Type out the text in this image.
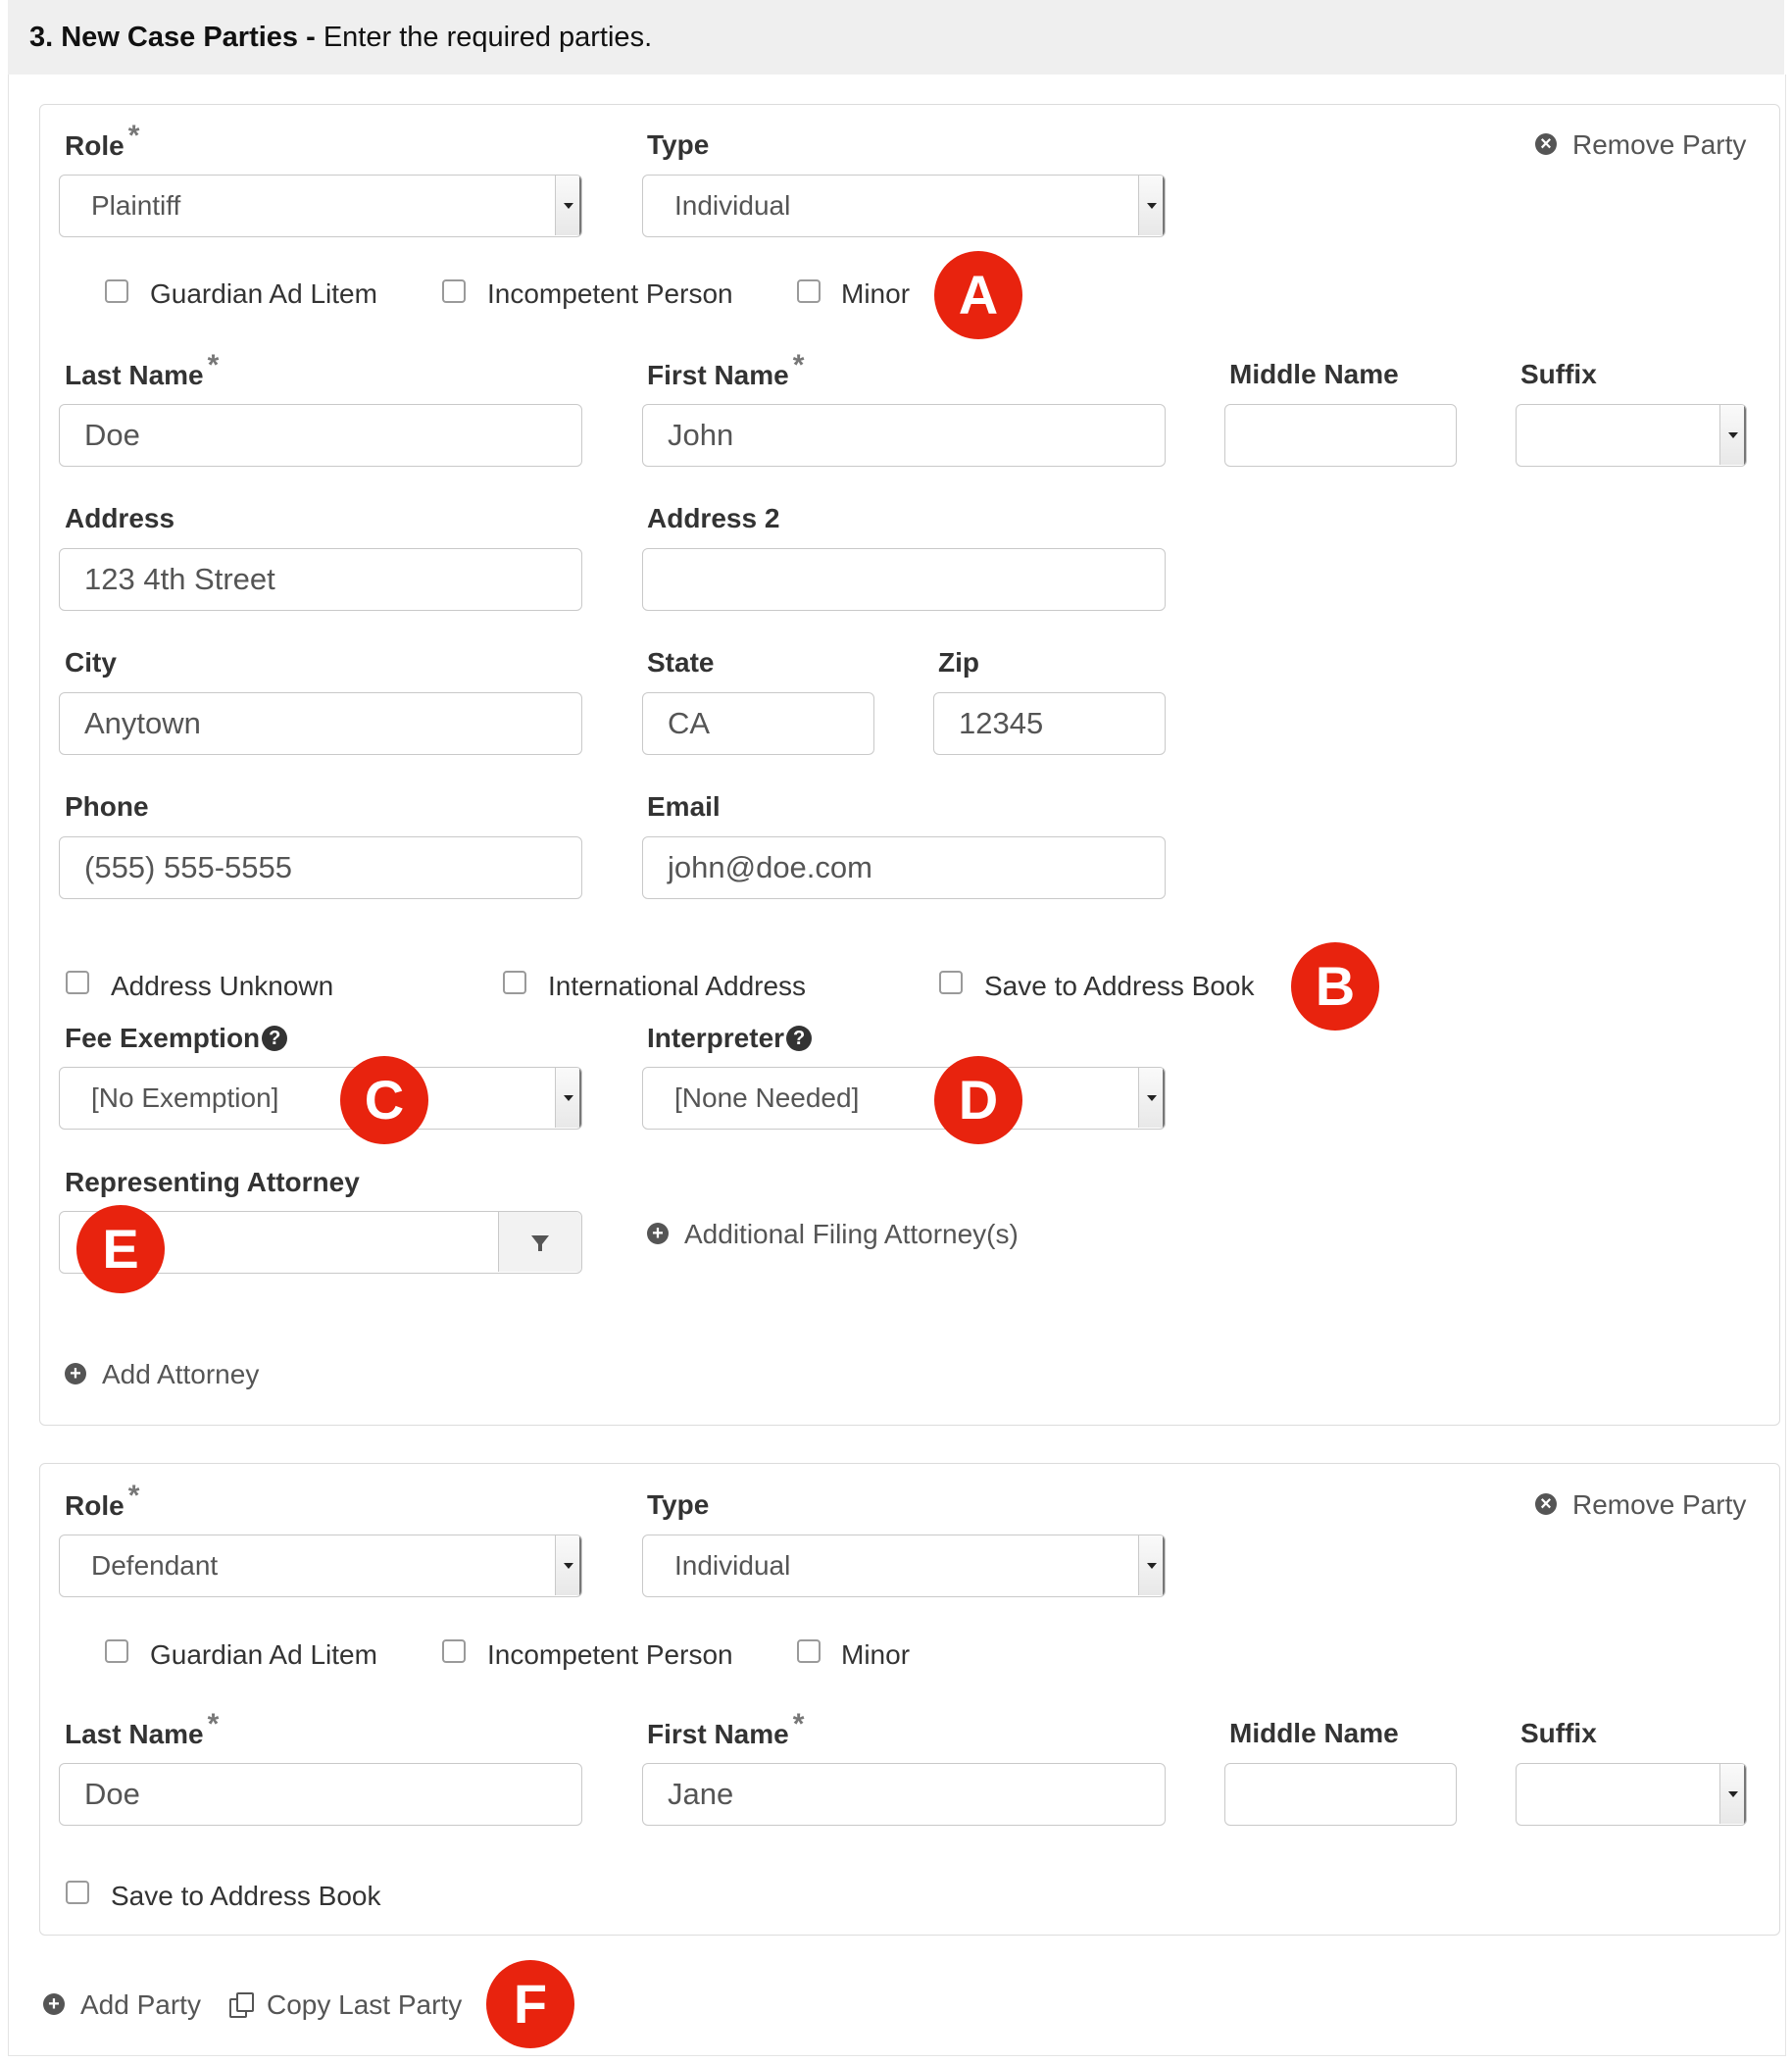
3. New Case Parties - Enter the required parties.
Role *	Type	× Remove Party
Plaintiff	Individual
Guardian Ad Litem	Incompetent Person	Minor A
Last Name *	First Name *	Middle Name	Suffix
Doe	John
Address	Address 2
123 4th Street
City	State	Zip
Anytown	CA	12345
Phone	Email
(555) 555-5555	john@doe.com
Address Unknown	International Address	Save to Address Book	B
Fee Exemption ?	Interpreter ?
[No Exemption]	[None Needed]
C	D
Representing Attorney
+ Additional Filing Attorney(s)
E
+ Add Attorney
Role *	Type	× Remove Party
Defendant	Individual
Guardian Ad Litem	Incompetent Person	Minor
Last Name *	First Name *	Middle Name	Suffix
Doe	Jane
Save to Address Book
+ Add Party	Copy Last Party F
